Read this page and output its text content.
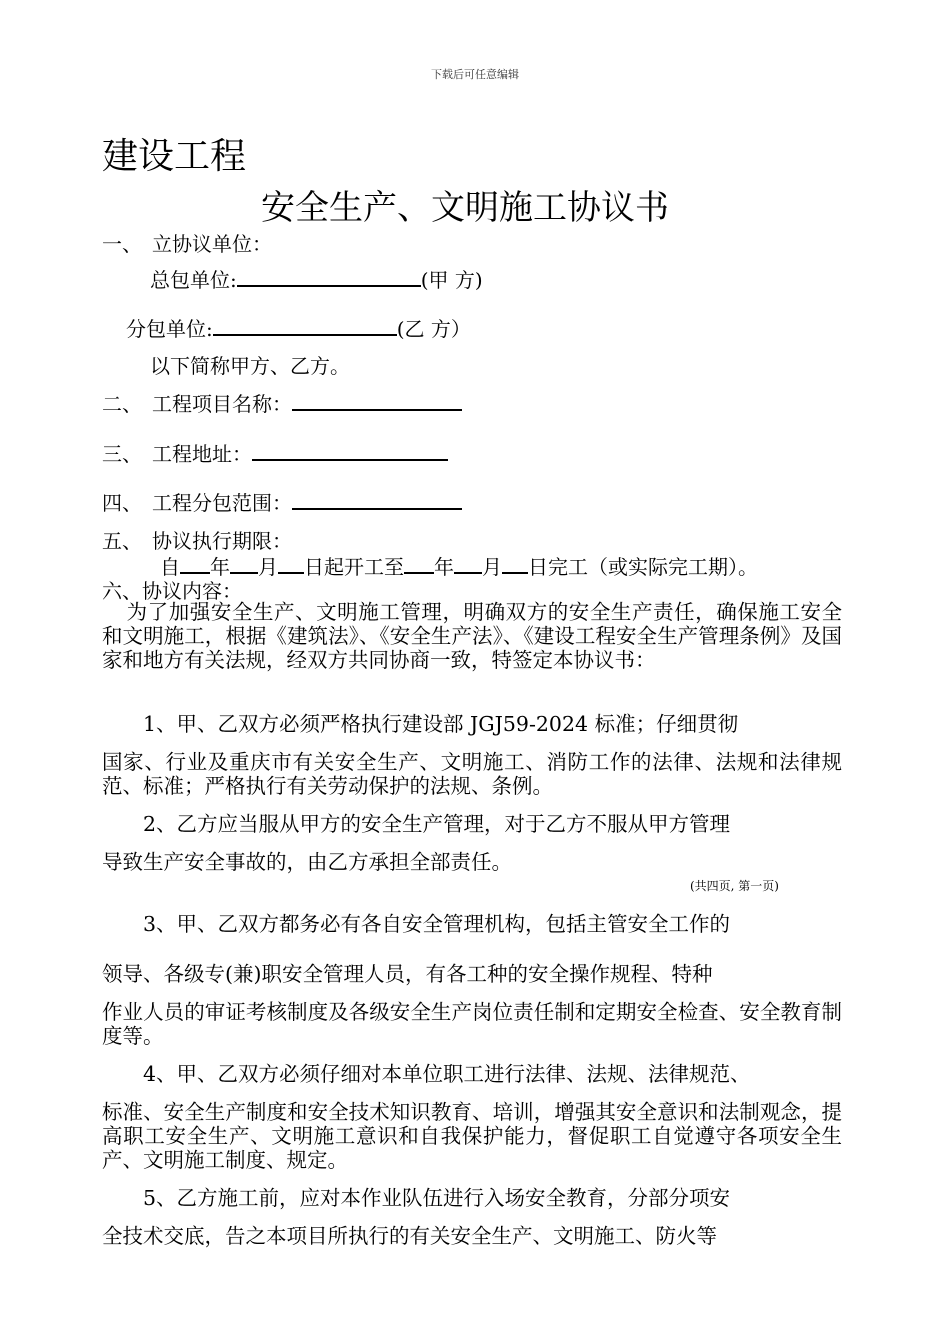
下载后可任意编辑
建设工程
安全生产、文明施工协议书
一、　立协议单位：
总包单位:	(甲 方)
分包单位:	(乙 方）
以下简称甲方、乙方。
二、　工程项目名称：
三、　工程地址：
四、　工程分包范围：
五、　协议执行期限：
自 年 月 日起开工至 年 月 日完工（或实际完工期）。
六、协议内容：
为了加强安全生产、文明施工管理，明确双方的安全生产责任，确保施工安全和文明施工，根据《建筑法》、《安全生产法》、《建设工程安全生产管理条例》及国家和地方有关法规，经双方共同协商一致，特签定本协议书：
1、甲、乙双方必须严格执行建设部 JGJ59-2024 标准；仔细贯彻
国家、行业及重庆市有关安全生产、文明施工、消防工作的法律、法规和法律规范、标准；严格执行有关劳动保护的法规、条例。
2、乙方应当服从甲方的安全生产管理，对于乙方不服从甲方管理
导致生产安全事故的，由乙方承担全部责任。
(共四页, 第一页)
3、甲、乙双方都务必有各自安全管理机构，包括主管安全工作的
领导、各级专(兼)职安全管理人员，有各工种的安全操作规程、特种
作业人员的审证考核制度及各级安全生产岗位责任制和定期安全检查、安全教育制度等。
4、甲、乙双方必须仔细对本单位职工进行法律、法规、法律规范、
标准、安全生产制度和安全技术知识教育、培训，增强其安全意识和法制观念，提高职工安全生产、文明施工意识和自我保护能力，督促职工自觉遵守各项安全生产、文明施工制度、规定。
5、乙方施工前，应对本作业队伍进行入场安全教育，分部分项安
全技术交底，告之本项目所执行的有关安全生产、文明施工、防火等
